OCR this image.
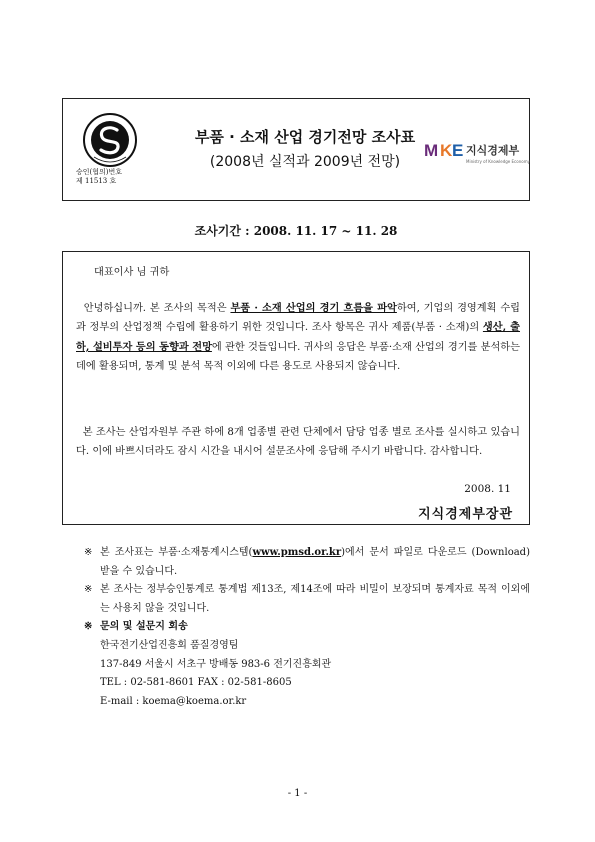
승인(협의)번호
제 11513 호
부품 · 소재 산업 경기전망 조사표
(2008년 실적과 2009년 전망)
M K E 지식경제부
Ministry of Knowledge Economy
조사기간 : 2008. 11. 17 ~ 11. 28
대표이사 님 귀하
안녕하십니까. 본 조사의 목적은 부품 · 소재 산업의 경기 흐름을 파악하여, 기업의 경영계획 수립과 정부의 산업정책 수립에 활용하기 위한 것입니다. 조사 항목은 귀사 제품(부품 · 소재)의 생산, 출하, 설비투자 등의 동향과 전망에 관한 것들입니다. 귀사의 응답은 부품·소재 산업의 경기를 분석하는 데에 활용되며, 통계 및 분석 목적 이외에 다른 용도로 사용되지 않습니다.
본 조사는 산업자원부 주관 하에 8개 업종별 관련 단체에서 담당 업종 별로 조사를 실시하고 있습니다. 이에 바쁘시더라도 잠시 시간을 내시어 설문조사에 응답해 주시기 바랍니다. 감사합니다.
2008. 11
지식경제부장관
※ 본 조사표는 부품·소재통계시스템(www.pmsd.or.kr)에서 문서 파일로 다운로드 (Download) 받을 수 있습니다.
※ 본 조사는 정부승인통계로 통계법 제13조, 제14조에 따라 비밀이 보장되며 통계자료 목적 이외에는 사용치 않을 것입니다.
※ 문의 및 설문지 회송
한국전기산업진흥회 품질경영팀
137-849 서울시 서초구 방배동 983-6 전기진흥회관
TEL : 02-581-8601 FAX : 02-581-8605
E-mail : koema@koema.or.kr
- 1 -
